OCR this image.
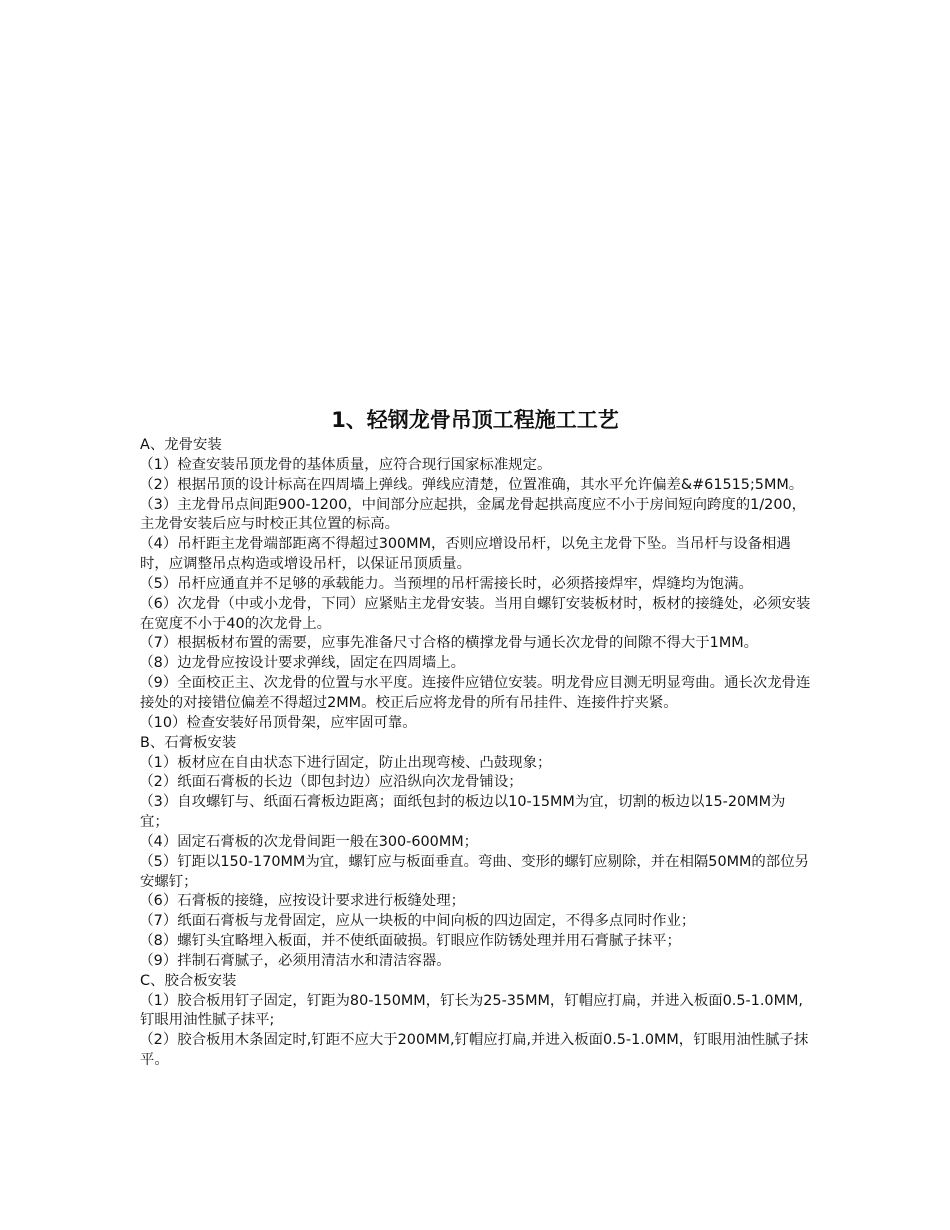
1、轻钢龙骨吊顶工程施工工艺

A、龙骨安装

（1）检查安装吊顶龙骨的基体质量，应符合现行国家标准规定。

（2）根据吊顶的设计标高在四周墙上弹线。弹线应清楚，位置准确，其水平允许偏差&#61515;5MM。

（3）主龙骨吊点间距900-1200，中间部分应起拱，金属龙骨起拱高度应不小于房间短向跨度的1/200，主龙骨安装后应与时校正其位置的标高。

（4）吊杆距主龙骨端部距离不得超过300MM，否则应增设吊杆，以免主龙骨下坠。当吊杆与设备相遇时，应调整吊点构造或增设吊杆，以保证吊顶质量。

（5）吊杆应通直并不足够的承载能力。当预埋的吊杆需接长时，必须搭接焊牢，焊缝均为饱满。

（6）次龙骨（中或小龙骨，下同）应紧贴主龙骨安装。当用自螺钉安装板材时，板材的接缝处，必须安装在宽度不小于40的次龙骨上。

（7）根据板材布置的需要，应事先准备尺寸合格的横撑龙骨与通长次龙骨的间隙不得大于1MM。

（8）边龙骨应按设计要求弹线，固定在四周墙上。

（9）全面校正主、次龙骨的位置与水平度。连接件应错位安装。明龙骨应目测无明显弯曲。通长次龙骨连接处的对接错位偏差不得超过2MM。校正后应将龙骨的所有吊挂件、连接件拧夹紧。

（10）检查安装好吊顶骨架，应牢固可靠。

B、石膏板安装

（1）板材应在自由状态下进行固定，防止出现弯棱、凸鼓现象；

（2）纸面石膏板的长边（即包封边）应沿纵向次龙骨铺设；

（3）自攻螺钉与、纸面石膏板边距离；面纸包封的板边以10-15MM为宜，切割的板边以15-20MM为宜；

（4）固定石膏板的次龙骨间距一般在300-600MM；

（5）钉距以150-170MM为宜，螺钉应与板面垂直。弯曲、变形的螺钉应剔除，并在相隔50MM的部位另安螺钉；

（6）石膏板的接缝，应按设计要求进行板缝处理；

（7）纸面石膏板与龙骨固定，应从一块板的中间向板的四边固定，不得多点同时作业；

（8）螺钉头宜略埋入板面，并不使纸面破损。钉眼应作防锈处理并用石膏腻子抹平；

（9）拌制石膏腻子，必须用清洁水和清洁容器。

C、胶合板安装

（1）胶合板用钉子固定，钉距为80-150MM，钉长为25-35MM，钉帽应打扁，并进入板面0.5-1.0MM,钉眼用油性腻子抹平;

（2）胶合板用木条固定时,钉距不应大于200MM,钉帽应打扁,并进入板面0.5-1.0MM，钉眼用油性腻子抹平。
